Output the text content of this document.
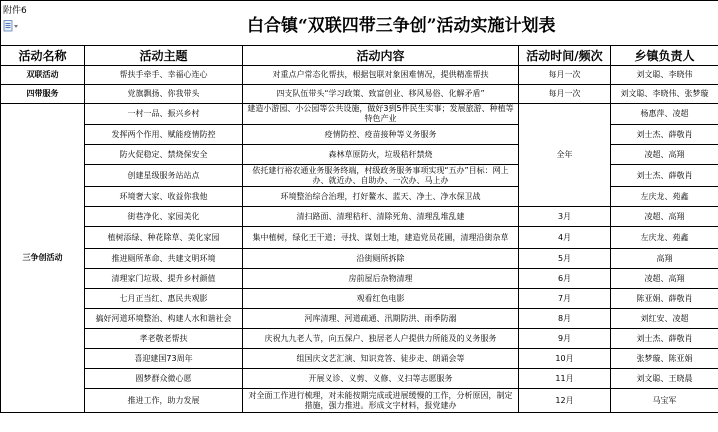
附件6	白合镇“双联四带三争创”活动实施计划表			
活动名称	活动主题	活动内容	活动时间/频次	乡镇负责人
双联活动	帮扶手牵手、幸福心连心	对重点户常态化帮扶，根据包联对象困难情况，提供精准帮扶	每月一次	刘文聪、李晓伟
四带服务	党旗飘扬、你我带头	四支队伍带头“学习政策、致富创业、移风易俗、化解矛盾”	每月一次	刘文聪、李晓伟、张梦璇
三争创活动	一村一品、振兴乡村	建造小游园、小公园等公共设施，做好3到5件民生实事；发展旅游、种植等特色产业	全年	杨惠萍、凌超
	发挥两个作用、赋能疫情防控	疫情防控、疫苗接种等义务服务		刘士杰、薛敬肖
	防火促稳定、禁烧保安全	森林草原防火，垃圾秸秆禁烧		凌超、高翔
	创建星级服务站站点	依托建行裕农通业务服务终端，村级政务服务事项实现“五办”目标：网上办、就近办、自助办、一次办、马上办		刘士杰、薛敬肖
	环境奢大家、收益你我他	环境整治综合治理，打好鳌水、蓝天、净土、净水保卫战		左庆龙、苑鑫
	街巷净化、家园美化	清扫路面、清理秸秆、清除死角、清理乱堆乱建	3月	凌超、高翔
	植树添绿、种花除草、美化家园	集中植树，绿化王干道；寻找、谋划土地，建造党员花圃，清理沿街杂草	4月	左庆龙、苑鑫
	推进厕所革命、共建文明环境	沿街厕所拆除	5月	高翔
	清理家门垃圾、提升乡村颜值	房前屋后杂物清理	6月	凌超、高翔
	七月正当红、惠民共观影	观看红色电影	7月	陈亚娟、薛敬肖
	搞好河道环境整治、构建人水和谐社会	河库清理、河道疏通、汛期防洪、雨季防溺	8月	刘红安、凌超
	孝老敬老帮扶	庆祝九九老人节，向五保户、独居老人户提供力所能及的义务服务	9月	刘士杰、薛敬肖
	喜迎建国73周年	组国庆文艺汇演、知识竞答、徒步走、朗诵会等	10月	张梦璇、陈亚娟
	圆梦群众微心愿	开展义诊、义剪、义修、义扫等志愿服务	11月	刘文聪、王晓晨
	推进工作，助力发展	对全面工作进行梳理，对未能按期完成或进展缓慢的工作，分析原因，制定措施，强力推进。形成文字材料，报党建办	12月	马宝军
